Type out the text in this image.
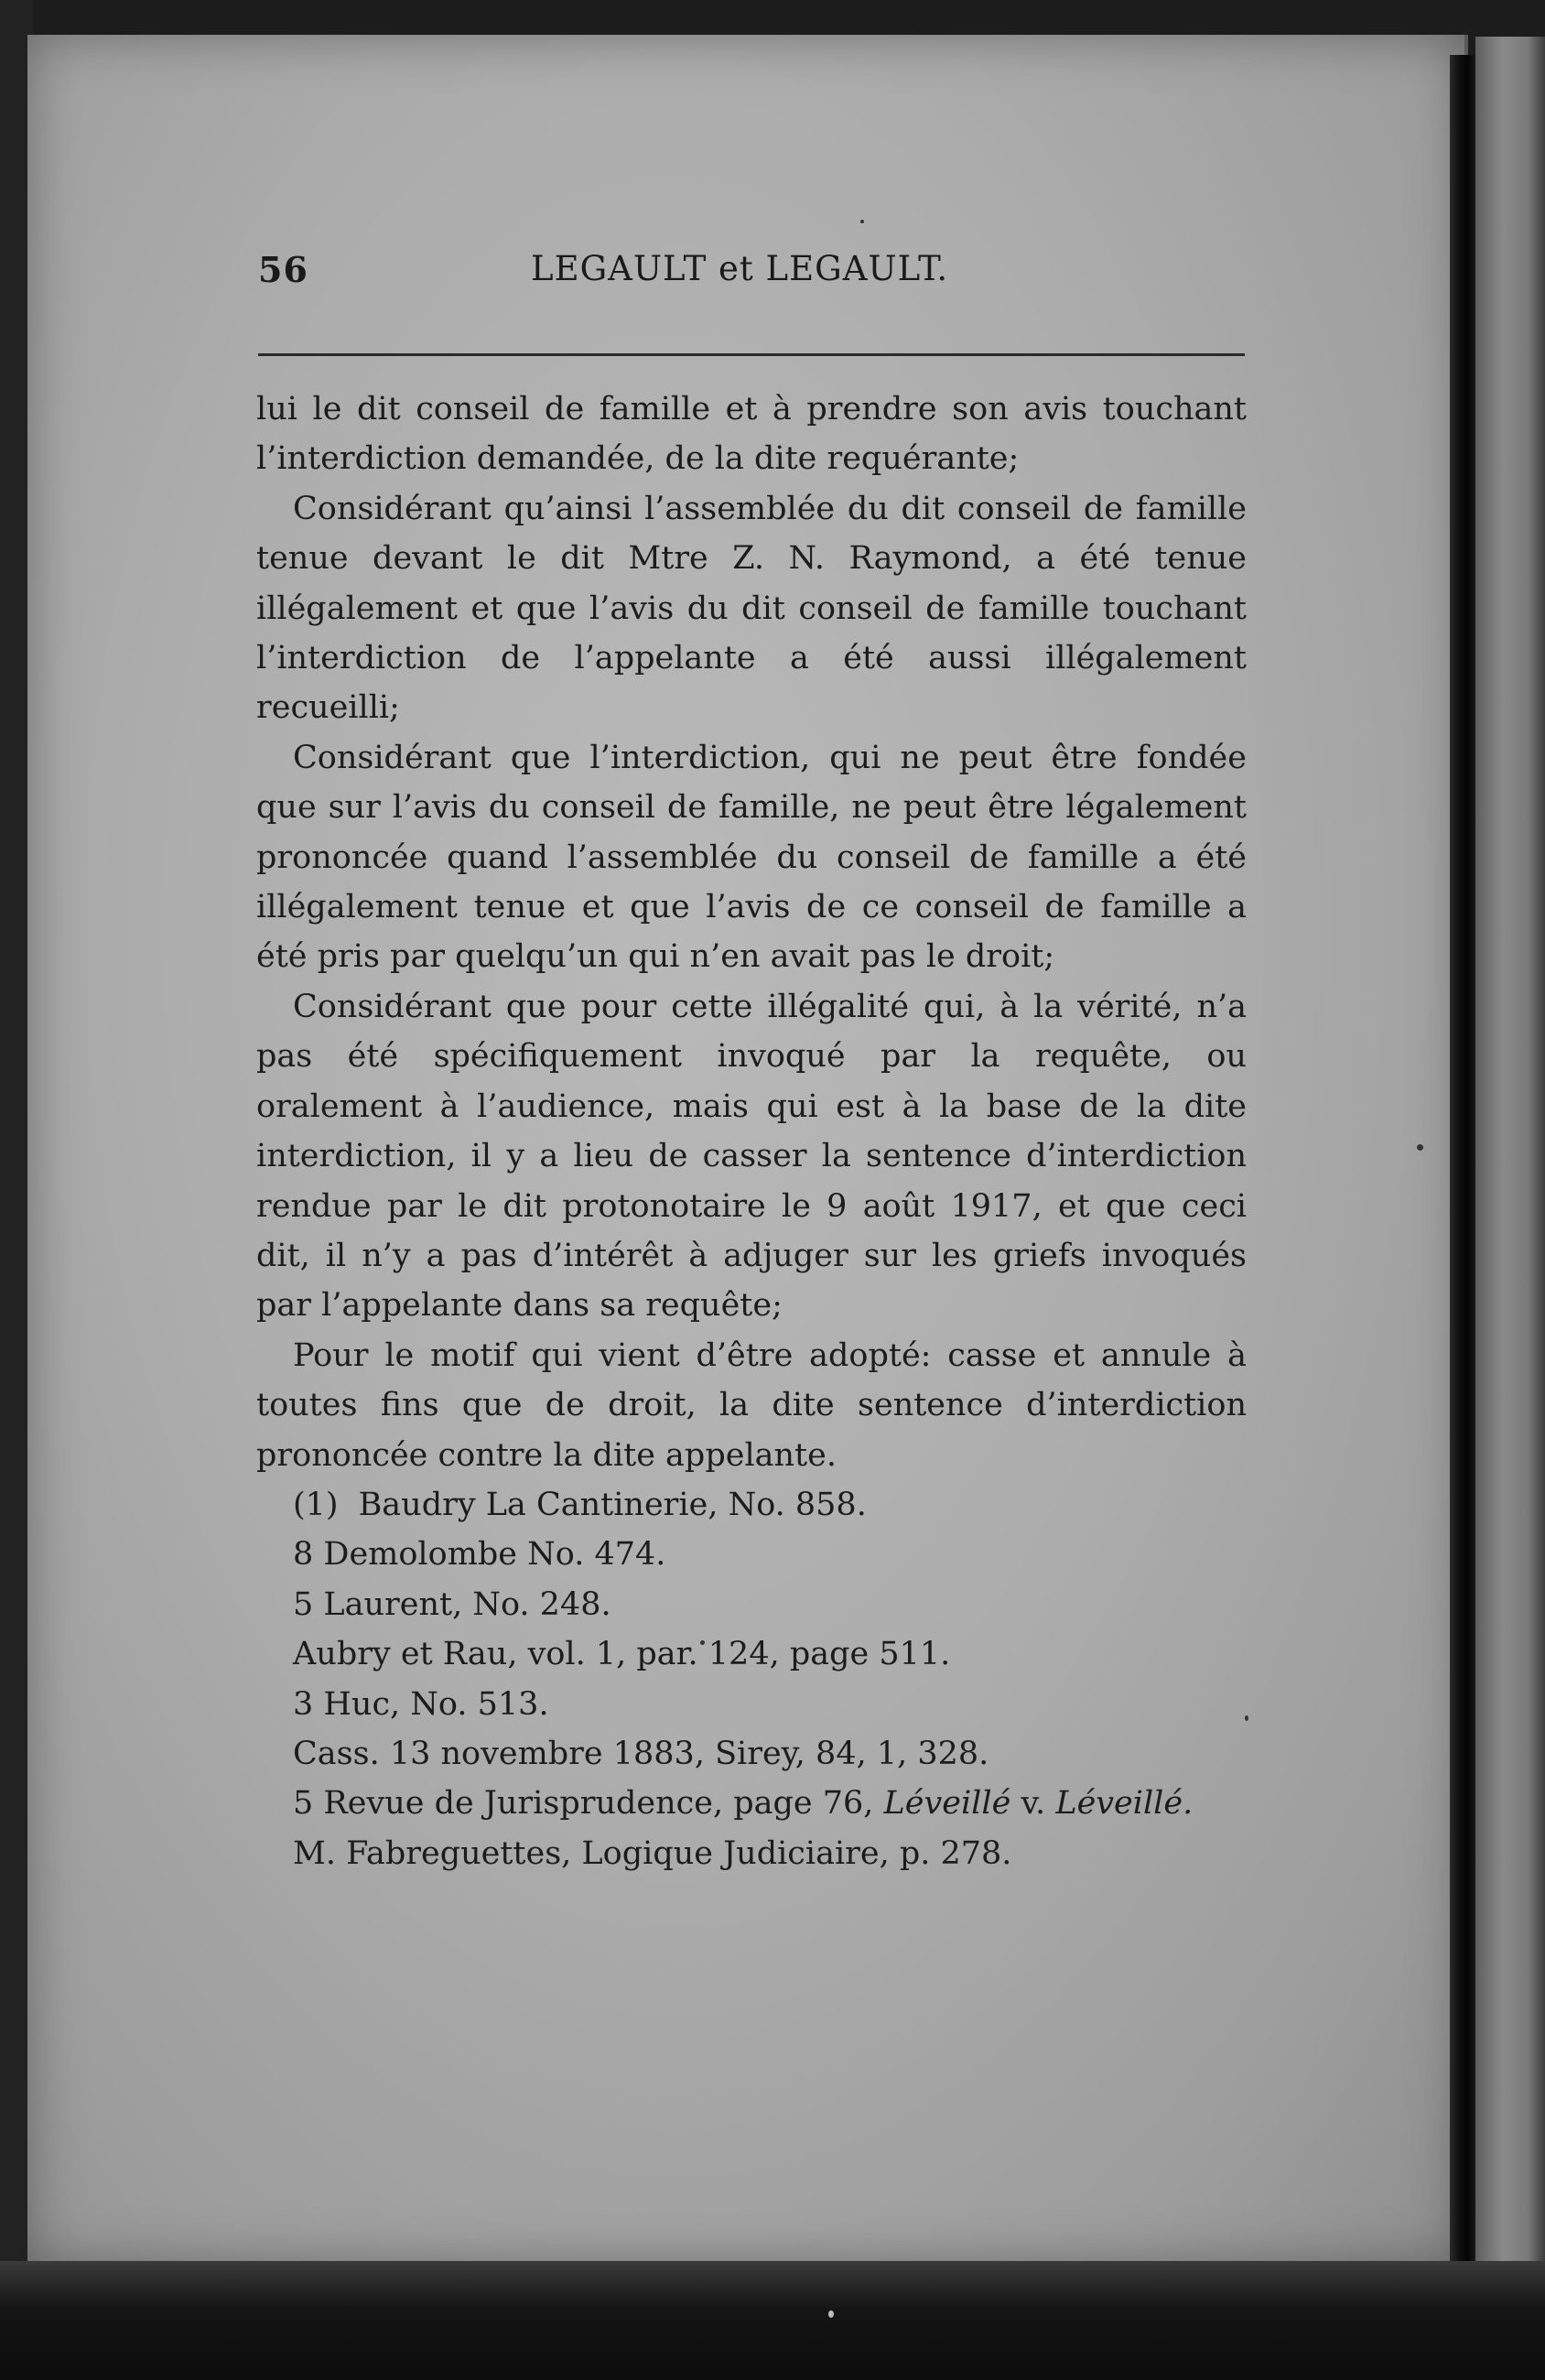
56	LEGAULT et LEGAULT.

lui le dit conseil de famille et à prendre son avis touchant l’interdiction demandée, de la dite requérante;

Considérant qu’ainsi l’assemblée du dit conseil de famille tenue devant le dit Mtre Z. N. Raymond, a été tenue illégalement et que l’avis du dit conseil de famille touchant l’interdiction de l’appelante a été aussi illégalement recueilli;

Considérant que l’interdiction, qui ne peut être fondée que sur l’avis du conseil de famille, ne peut être légalement prononcée quand l’assemblée du conseil de famille a été illégalement tenue et que l’avis de ce conseil de famille a été pris par quelqu’un qui n’en avait pas le droit;

Considérant que pour cette illégalité qui, à la vérité, n’a pas été spécifiquement invoqué par la requête, ou oralement à l’audience, mais qui est à la base de la dite interdiction, il y a lieu de casser la sentence d’interdiction rendue par le dit protonotaire le 9 août 1917, et que ceci dit, il n’y a pas d’intérêt à adjuger sur les griefs invoqués par l’appelante dans sa requête;

Pour le motif qui vient d’être adopté: casse et annule à toutes fins que de droit, la dite sentence d’interdiction prononcée contre la dite appelante.

(1) Baudry La Cantinerie, No. 858.

8 Demolombe No. 474.

5 Laurent, No. 248.

Aubry et Rau, vol. 1, par. 124, page 511.

3 Huc, No. 513.

Cass. 13 novembre 1883, Sirey, 84, 1, 328.

5 Revue de Jurisprudence, page 76, Léveillé v. Léveillé.

M. Fabreguettes, Logique Judiciaire, p. 278.
